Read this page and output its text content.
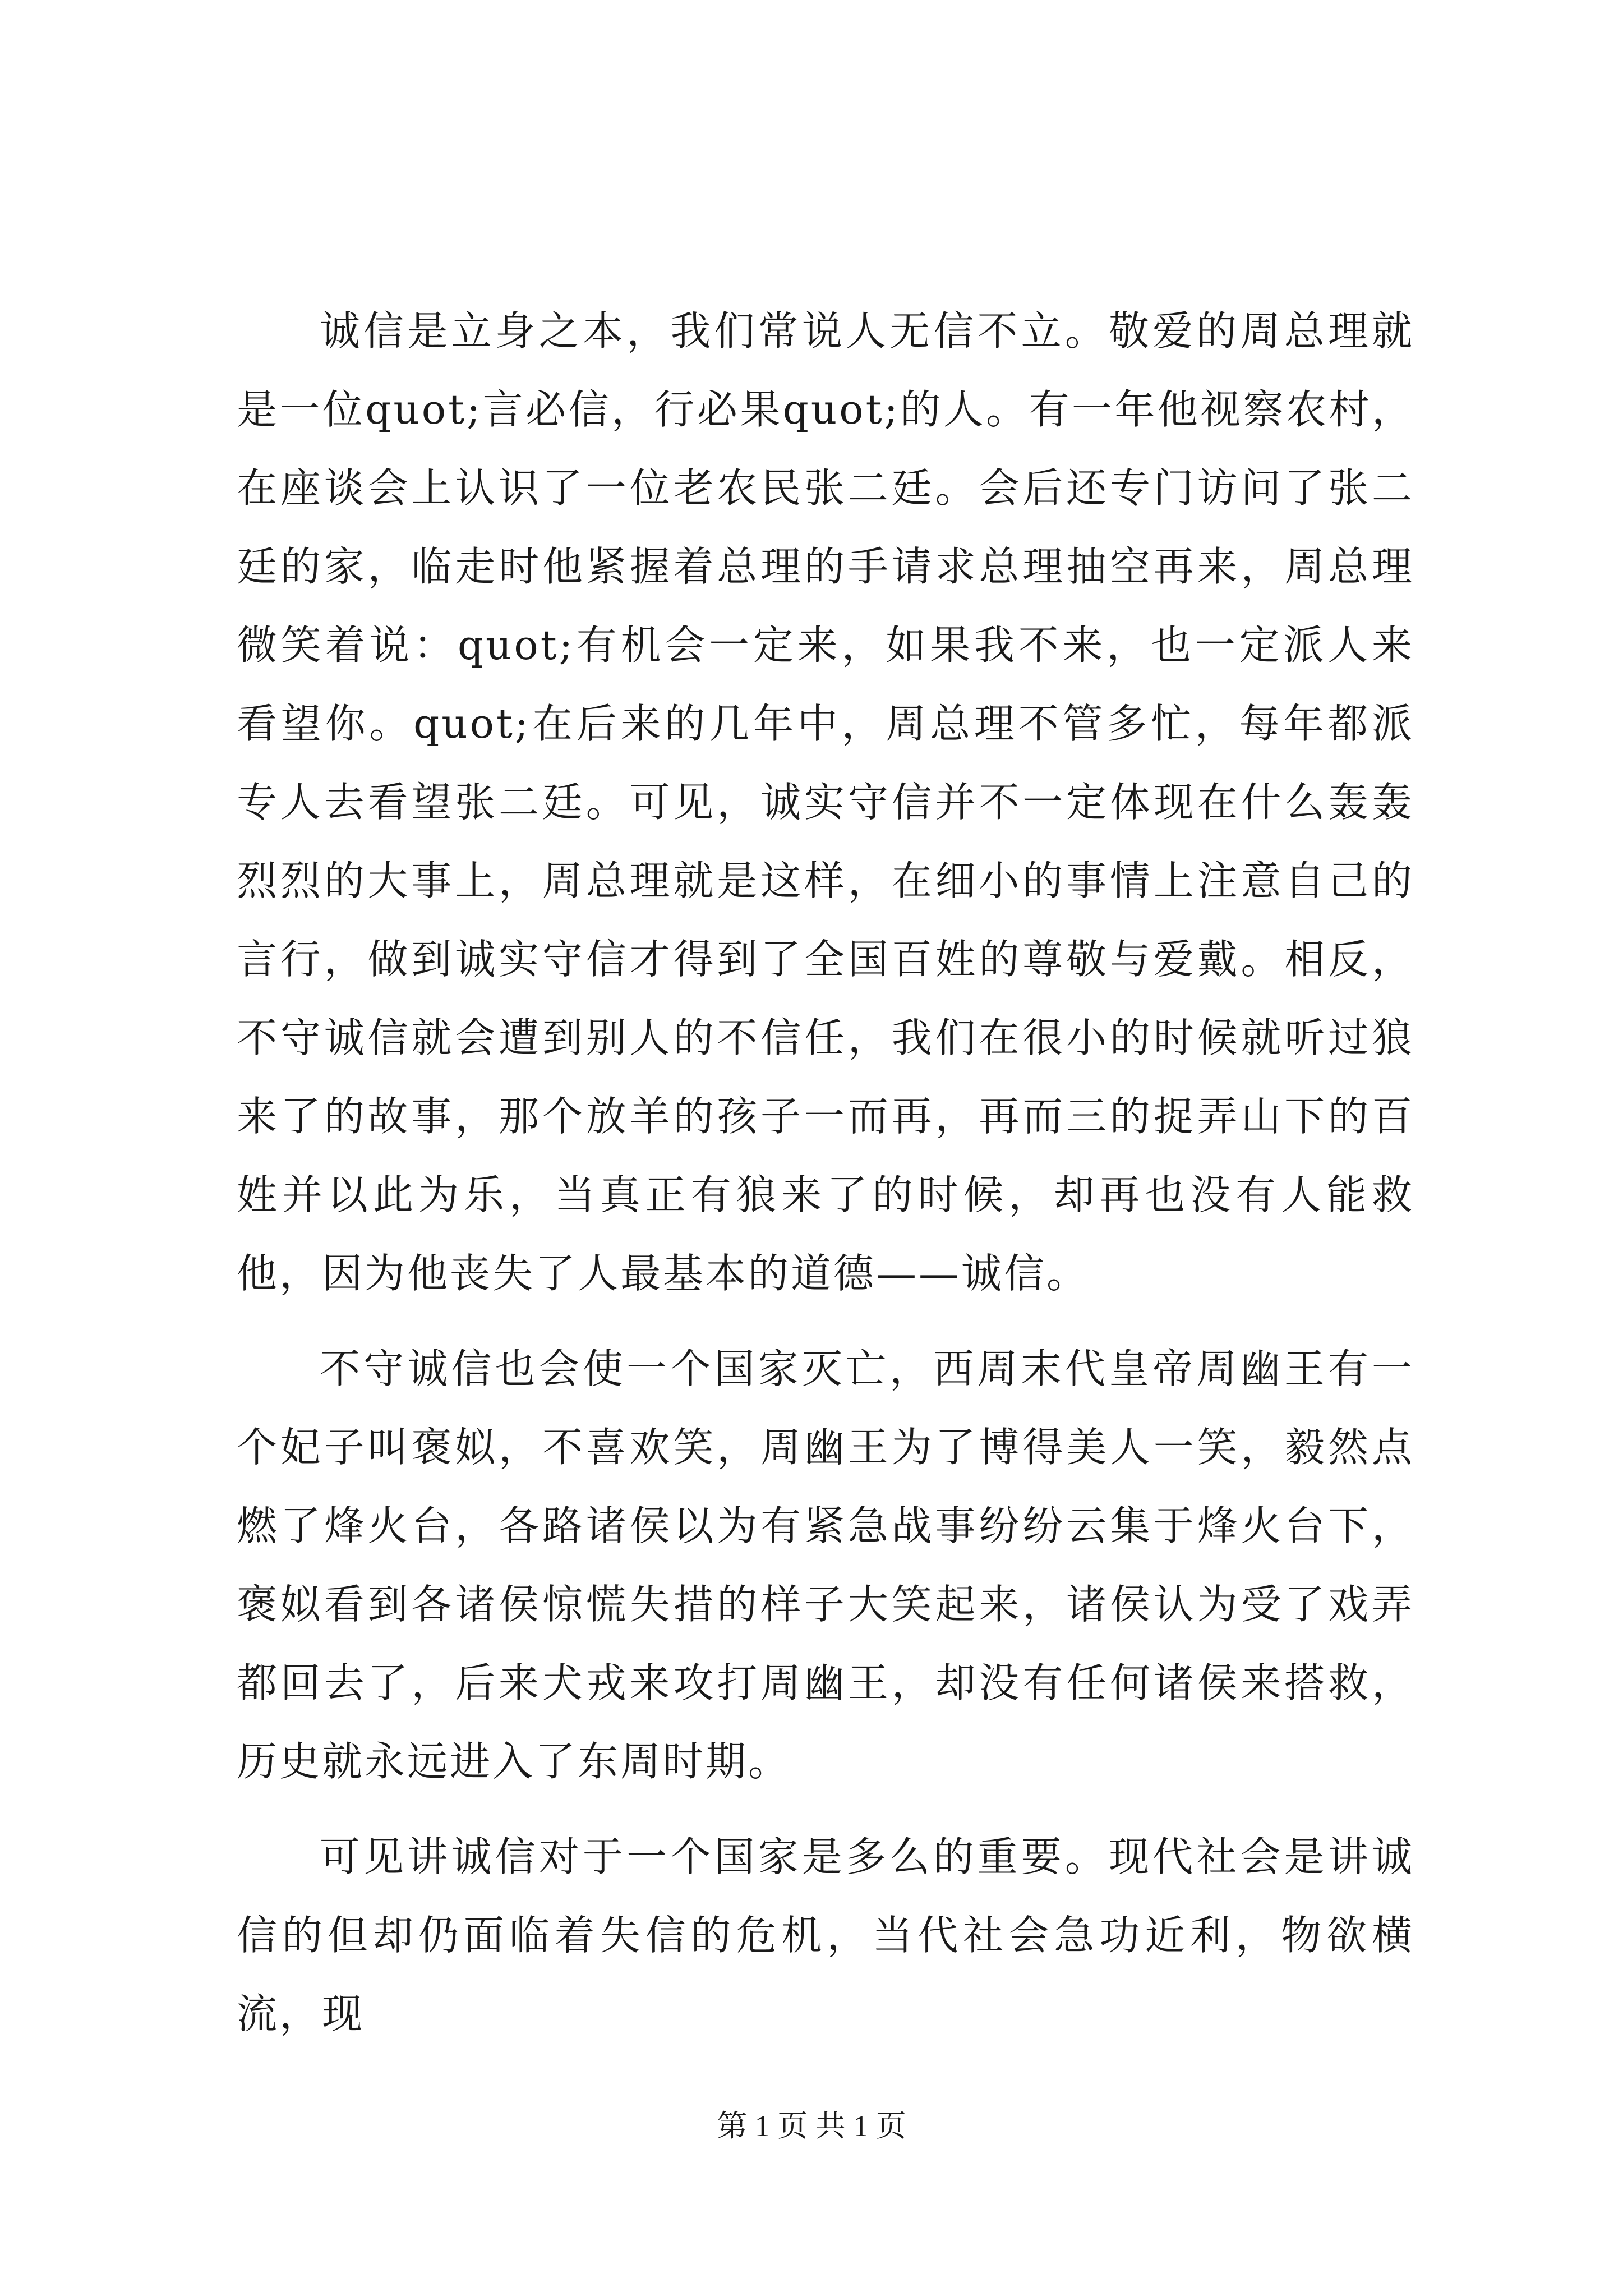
诚信是立身之本，我们常说人无信不立。敬爱的周总理就是一位quot;言必信，行必果quot;的人。有一年他视察农村，在座谈会上认识了一位老农民张二廷。会后还专门访问了张二廷的家，临走时他紧握着总理的手请求总理抽空再来，周总理微笑着说：quot;有机会一定来，如果我不来，也一定派人来看望你。quot;在后来的几年中，周总理不管多忙，每年都派专人去看望张二廷。可见，诚实守信并不一定体现在什么轰轰烈烈的大事上，周总理就是这样，在细小的事情上注意自己的言行，做到诚实守信才得到了全国百姓的尊敬与爱戴。相反，不守诚信就会遭到别人的不信任，我们在很小的时候就听过狼来了的故事，那个放羊的孩子一而再，再而三的捉弄山下的百姓并以此为乐，当真正有狼来了的时候，却再也没有人能救他，因为他丧失了人最基本的道德——诚信。

不守诚信也会使一个国家灭亡，西周末代皇帝周幽王有一个妃子叫褒姒，不喜欢笑，周幽王为了博得美人一笑，毅然点燃了烽火台，各路诸侯以为有紧急战事纷纷云集于烽火台下，褒姒看到各诸侯惊慌失措的样子大笑起来，诸侯认为受了戏弄都回去了，后来犬戎来攻打周幽王，却没有任何诸侯来搭救，历史就永远进入了东周时期。

可见讲诚信对于一个国家是多么的重要。现代社会是讲诚信的但却仍面临着失信的危机，当代社会急功近利，物欲横流，现

第 1 页 共 1 页
